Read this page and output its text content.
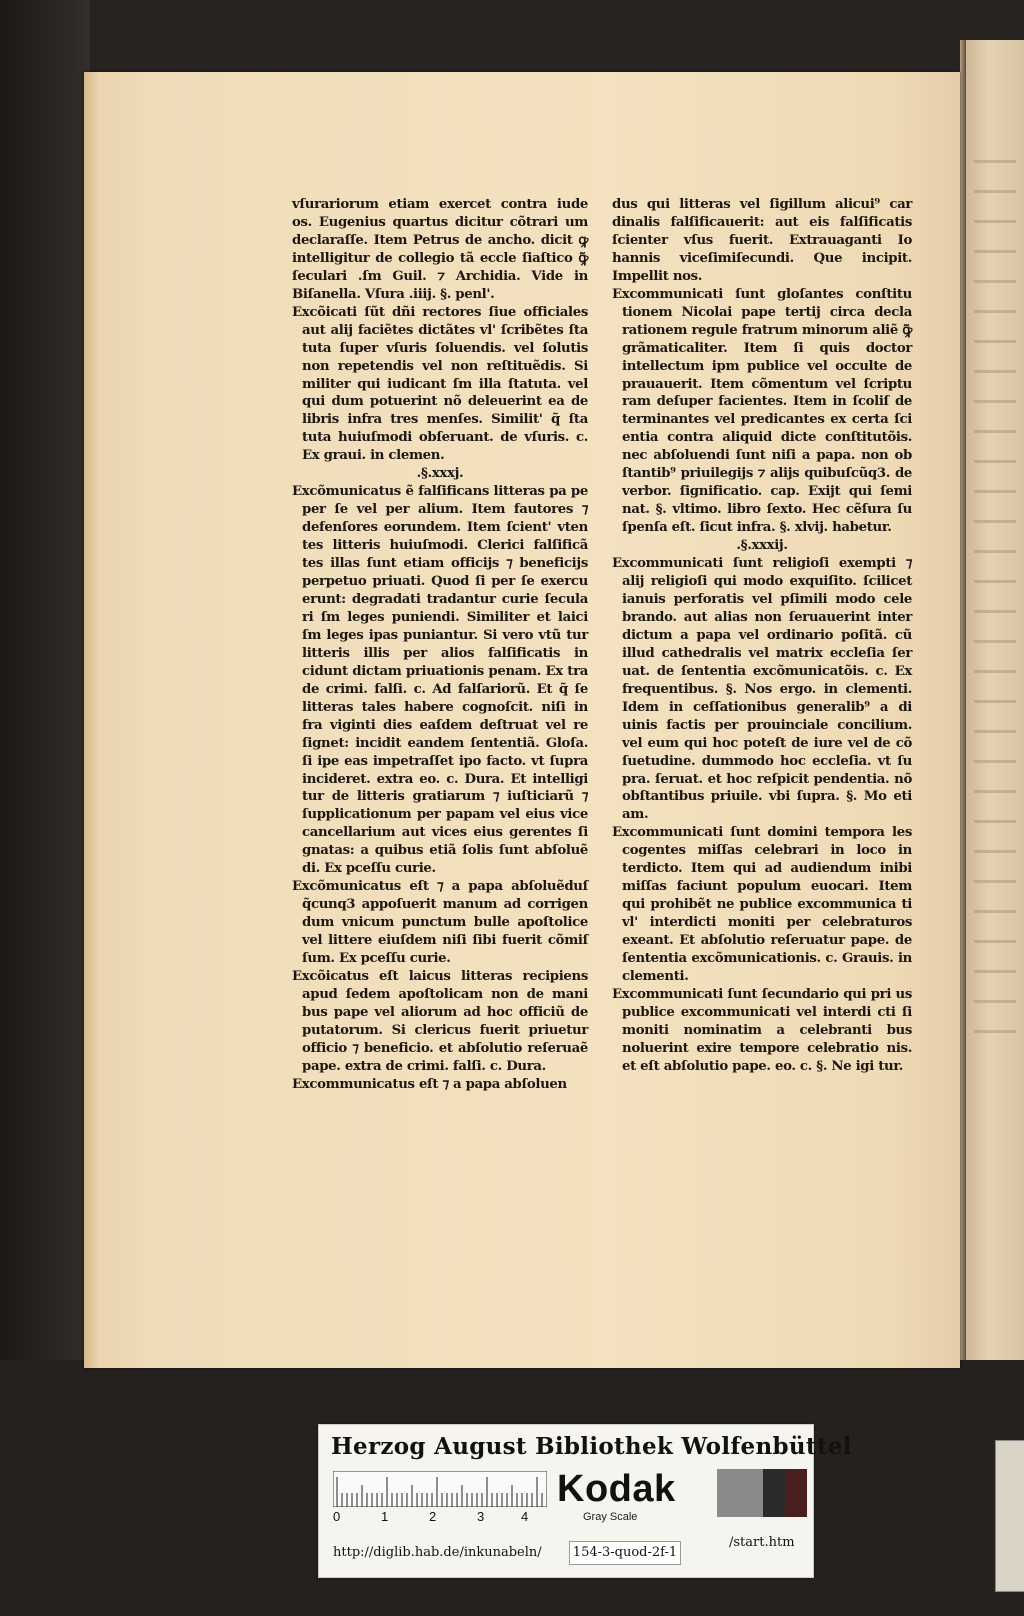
vſurariorum etiam exercet contra iude os. Eugenius quartus dicitur cõtrari um declaraſſe. Item Petrus de ancho. dicit ꝙ intelligitur de collegio tã eccle ſiaſtico ꝙ̃ ſeculari .ſm Guil. ⁊ Archidia. Vide in Biſanella. Vſura .iiij. §. penl'.

Excõicati ſũt dñi rectores ſiue officiales aut alij faciẽtes dictãtes vl' ſcribẽtes ſta tuta ſuper vſuris ſoluendis. vel ſolutis non repetendis vel non reſtituẽdis. Si militer qui iudicant ſm illa ſtatuta. vel qui dum potuerint nõ deleuerint ea de libris infra tres menſes. Similit' q̃ ſta tuta huiuſmodi obſeruant. de vſuris. c. Ex graui. in clemen.

.§.xxxj.

Excõmunicatus ẽ falſificans litteras pa pe per ſe vel per alium. Item fautores ⁊ defenſores eorundem. Item ſcient' vten tes litteris huiuſmodi. Clerici falſificã tes illas ſunt etiam officijs ⁊ beneficijs perpetuo priuati. Quod ſi per ſe exercu erunt: degradati tradantur curie ſecula ri ſm leges puniendi. Similiter et laici ſm leges ipas puniantur. Si vero vtũ tur litteris illis per alios falſificatis in cidunt dictam priuationis penam. Ex tra de crimi. falſi. c. Ad falſariorũ. Et q̃ ſe litteras tales habere cognoſcit. niſi in fra viginti dies eaſdem deſtruat vel re ſignet: incidit eandem ſententiã. Gloſa. ſi ipe eas impetraſſet ipo facto. vt ſupra incideret. extra eo. c. Dura. Et intelligi tur de litteris gratiarum ⁊ iuſticiarũ ⁊ ſupplicationum per papam vel eius vice cancellarium aut vices eius gerentes ſi gnatas: a quibus etiã ſolis ſunt abſoluẽ di. Ex pceſſu curie.

Excõmunicatus eſt ⁊ a papa abſoluẽduſ q̃cunq3 appoſuerit manum ad corrigen dum vnicum punctum bulle apoſtolice vel littere eiuſdem niſi ſibi fuerit cõmiſ ſum. Ex pceſſu curie.

Excõicatus eſt laicus litteras recipiens apud ſedem apoſtolicam non de mani bus pape vel aliorum ad hoc officiũ de putatorum. Si clericus fuerit priuetur officio ⁊ beneficio. et abſolutio reſeruaẽ pape. extra de crimi. falſi. c. Dura.

Excommunicatus eſt ⁊ a papa abſoluen

dus qui litteras vel ſigillum alicui⁹ car dinalis falſificauerit: aut eis falſificatis ſcienter vſus fuerit. Extrauaganti Io hannis viceſimiſecundi. Que incipit. Impellit nos.

Excommunicati ſunt gloſantes conſtitu tionem Nicolai pape tertij circa decla rationem regule fratrum minorum aliẽ ꝙ̃ grãmaticaliter. Item ſi quis doctor intellectum ipm publice vel occulte de prauauerit. Item cõmentum vel ſcriptu ram deſuper facientes. Item in ſcoliſ de terminantes vel predicantes ex certa ſci entia contra aliquid dicte conſtitutõis. nec abſoluendi ſunt niſi a papa. non ob ſtantib⁹ priuilegijs ⁊ alijs quibuſcũq3. de verbor. ſignificatio. cap. Exijt qui ſemi nat. §. vltimo. libro ſexto. Hec cẽſura ſu ſpenſa eſt. ſicut infra. §. xlvij. habetur.

.§.xxxij.

Excommunicati ſunt religioſi exempti ⁊ alij religioſi qui modo exquiſito. ſcilicet ianuis perforatis vel pſimili modo cele brando. aut alias non ſeruauerint inter dictum a papa vel ordinario poſitã. cũ illud cathedralis vel matrix eccleſia ſer uat. de ſententia excõmunicatõis. c. Ex frequentibus. §. Nos ergo. in clementi. Idem in ceſſationibus generalib⁹ a di uinis factis per prouinciale concilium. vel eum qui hoc poteſt de iure vel de cõ ſuetudine. dummodo hoc eccleſia. vt ſu pra. ſeruat. et hoc reſpicit pendentia. nõ obſtantibus priuile. vbi ſupra. §. Mo eti am.

Excommunicati ſunt domini tempora les cogentes miſſas celebrari in loco in terdicto. Item qui ad audiendum inibi miſſas faciunt populum euocari. Item qui prohibẽt ne publice excommunica ti vl' interdicti moniti per celebraturos exeant. Et abſolutio reſeruatur pape. de ſententia excõmunicationis. c. Grauis. in clementi.

Excommunicati ſunt ſecundario qui pri us publice excommunicati vel interdi cti ſi moniti nominatim a celebranti bus noluerint exire tempore celebratio nis. et eſt abſolutio pape. eo. c. §. Ne igi tur.

Herzog August Bibliothek Wolfenbüttel
0	1	2	3	4
Kodak
Gray Scale
http://diglib.hab.de/inkunabeln/ 154-3-quod-2f-1
/start.htm
